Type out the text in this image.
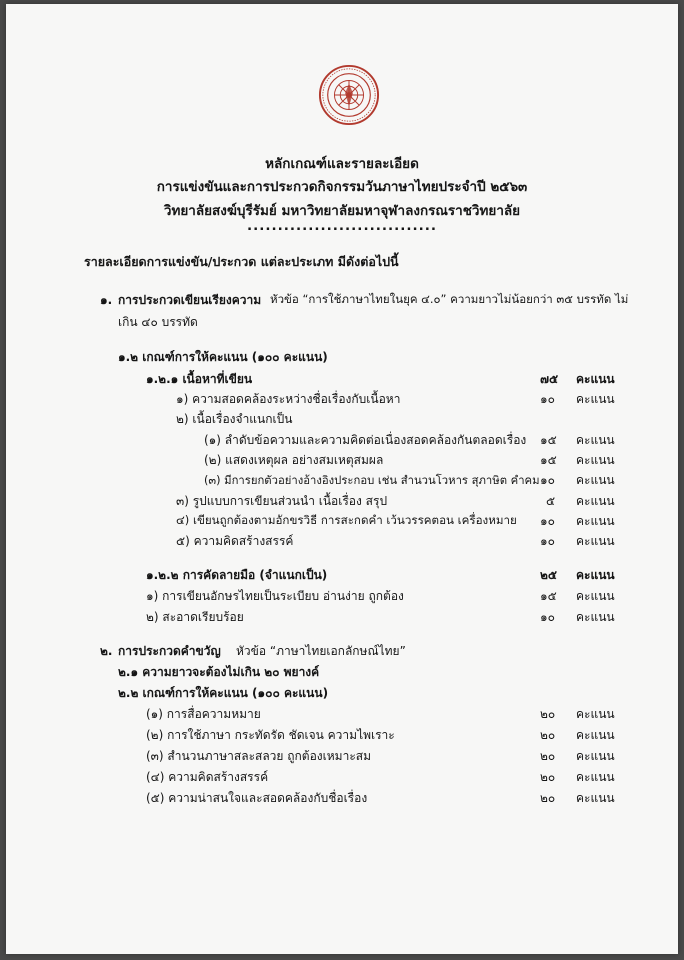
หลักเกณฑ์และรายละเอียด
การแข่งขันและการประกวดกิจกรรมวันภาษาไทยประจำปี ๒๕๖๓
วิทยาลัยสงฆ์บุรีรัมย์ มหาวิทยาลัยมหาจุฬาลงกรณราชวิทยาลัย
...............................
รายละเอียดการแข่งขัน/ประกวด แต่ละประเภท มีดังต่อไปนี้
๑. การประกวดเขียนเรียงความ หัวข้อ “การใช้ภาษาไทยในยุค ๔.๐” ความยาวไม่น้อยกว่า ๓๕ บรรทัด ไม่
เกิน ๔๐ บรรทัด
๑.๒ เกณฑ์การให้คะแนน (๑๐๐ คะแนน)
๑.๒.๑ เนื้อหาที่เขียน	๗๕	คะแนน
๑) ความสอดคล้องระหว่างชื่อเรื่องกับเนื้อหา	๑๐	คะแนน
๒) เนื้อเรื่องจำแนกเป็น
(๑) ลำดับข้อความและความคิดต่อเนื่องสอดคล้องกันตลอดเรื่อง ๑๕	คะแนน
(๒) แสดงเหตุผล อย่างสมเหตุสมผล	๑๕	คะแนน
(๓) มีการยกตัวอย่างอ้างอิงประกอบ เช่น สำนวนโวหาร สุภาษิต คำคม ๑๐	คะแนน
๓) รูปแบบการเขียนส่วนนำ เนื้อเรื่อง สรุป	๕	คะแนน
๔) เขียนถูกต้องตามอักขรวิธี การสะกดคำ เว้นวรรคตอน เครื่องหมาย ๑๐	คะแนน
๕) ความคิดสร้างสรรค์	๑๐	คะแนน
๑.๒.๒ การคัดลายมือ (จำแนกเป็น)	๒๕	คะแนน
๑) การเขียนอักษรไทยเป็นระเบียบ อ่านง่าย ถูกต้อง	๑๕	คะแนน
๒) สะอาดเรียบร้อย	๑๐	คะแนน
๒. การประกวดคำขวัญ หัวข้อ “ภาษาไทยเอกลักษณ์ไทย”
๒.๑ ความยาวจะต้องไม่เกิน ๒๐ พยางค์
๒.๒ เกณฑ์การให้คะแนน (๑๐๐ คะแนน)
(๑) การสื่อความหมาย	๒๐	คะแนน
(๒) การใช้ภาษา กระทัดรัด ชัดเจน ความไพเราะ	๒๐	คะแนน
(๓) สำนวนภาษาสละสลวย ถูกต้องเหมาะสม	๒๐	คะแนน
(๔) ความคิดสร้างสรรค์	๒๐	คะแนน
(๕) ความน่าสนใจและสอดคล้องกับชื่อเรื่อง	๒๐	คะแนน
